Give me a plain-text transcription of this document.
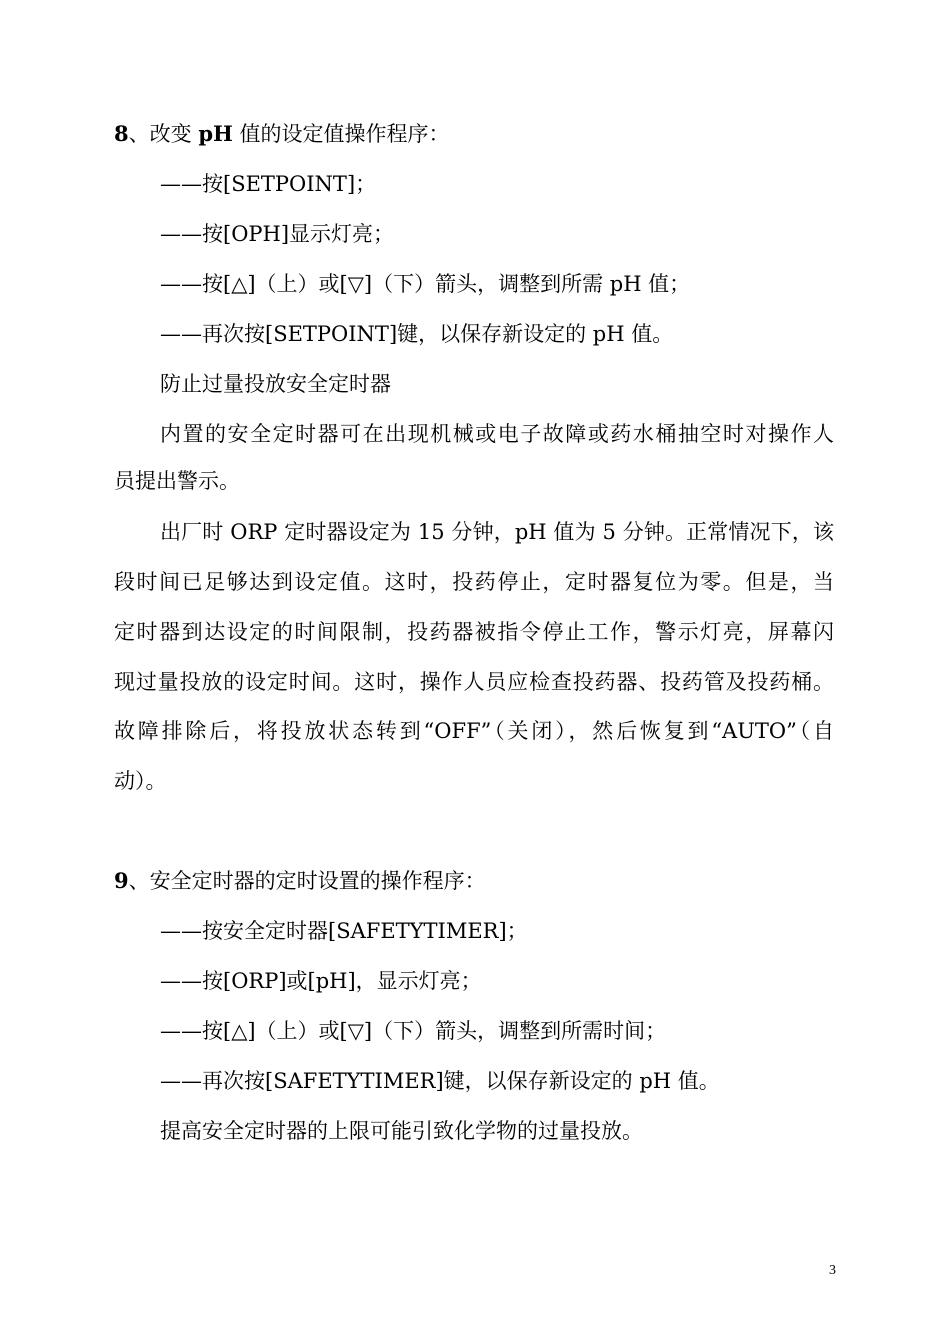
8、改变 pH 值的设定值操作程序：
——按[SETPOINT]；
——按[OPH]显示灯亮；
——按[△]（上）或[▽]（下）箭头，调整到所需 pH 值；
——再次按[SETPOINT]键，以保存新设定的 pH 值。
防止过量投放安全定时器
内置的安全定时器可在出现机械或电子故障或药水桶抽空时对操作人
员提出警示。
出厂时 ORP 定时器设定为 15 分钟，pH 值为 5 分钟。正常情况下，该
段时间已足够达到设定值。这时，投药停止，定时器复位为零。但是，当
定时器到达设定的时间限制，投药器被指令停止工作，警示灯亮，屏幕闪
现过量投放的设定时间。这时，操作人员应检查投药器、投药管及投药桶。
故障排除后，将投放状态转到“OFF”（关闭），然后恢复到“AUTO”（自
动）。
9、安全定时器的定时设置的操作程序：
——按安全定时器[SAFETYTIMER]；
——按[ORP]或[pH]，显示灯亮；
——按[△]（上）或[▽]（下）箭头，调整到所需时间；
——再次按[SAFETYTIMER]键，以保存新设定的 pH 值。
提高安全定时器的上限可能引致化学物的过量投放。
3
